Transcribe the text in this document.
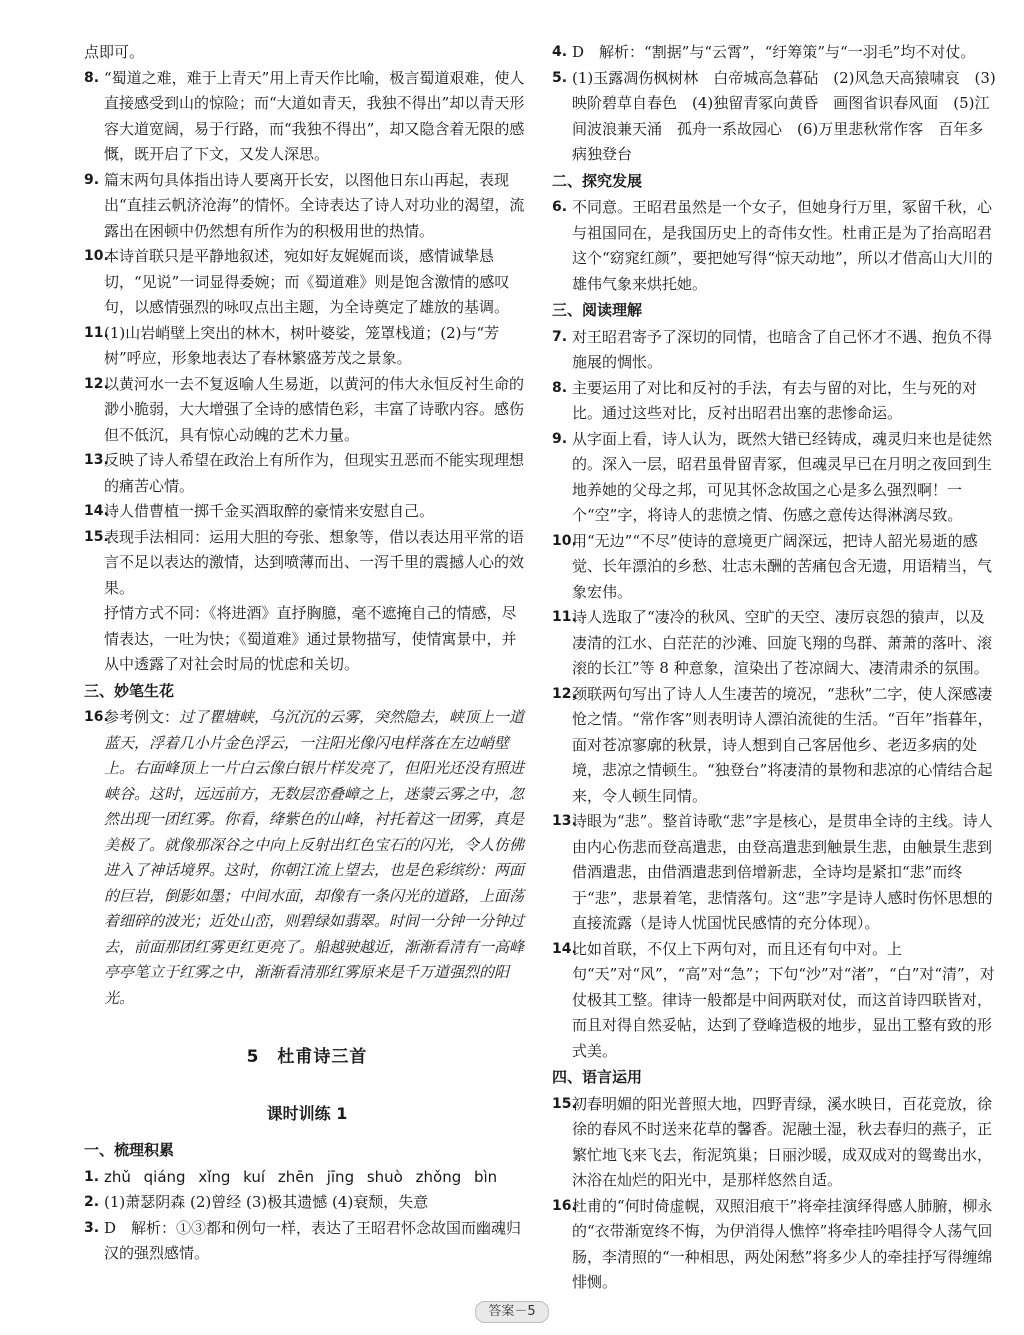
点即可。

8. “蜀道之难，难于上青天”用上青天作比喻，极言蜀道艰难，使人直接感受到山的惊险；而“大道如青天，我独不得出”却以青天形容大道宽阔，易于行路，而“我独不得出”，却又隐含着无限的感慨，既开启了下文，又发人深思。

9. 篇末两句具体指出诗人要离开长安，以图他日东山再起，表现出“直挂云帆济沧海”的情怀。全诗表达了诗人对功业的渴望，流露出在困顿中仍然想有所作为的积极用世的热情。

10.

本诗首联只是平静地叙述，宛如好友娓娓而谈，感情诚挚恳切，“见说”一词显得委婉；而《蜀道难》则是饱含激情的感叹句，以感情强烈的咏叹点出主题，为全诗奠定了雄放的基调。

11.

(1)山岩峭壁上突出的林木，树叶婆娑，笼罩栈道；(2)与“芳树”呼应，形象地表达了春林繁盛芳茂之景象。

12.

以黄河水一去不复返喻人生易逝，以黄河的伟大永恒反衬生命的渺小脆弱，大大增强了全诗的感情色彩，丰富了诗歌内容。感伤但不低沉，具有惊心动魄的艺术力量。

13.

反映了诗人希望在政治上有所作为，但现实丑恶而不能实现理想的痛苦心情。

14.

诗人借曹植一掷千金买酒取醉的豪情来安慰自己。

15.

表现手法相同：运用大胆的夸张、想象等，借以表达用平常的语言不足以表达的激情，达到喷薄而出、一泻千里的震撼人心的效果。

抒情方式不同：《将进酒》直抒胸臆，毫不遮掩自己的情感，尽情表达，一吐为快；《蜀道难》通过景物描写，使情寓景中，并从中透露了对社会时局的忧虑和关切。

三、妙笔生花
16.
参考例文：过了瞿塘峡，乌沉沉的云雾，突然隐去，峡顶上一道蓝天，浮着几小片金色浮云，一注阳光像闪电样落在左边峭壁上。右面峰顶上一片白云像白银片样发亮了，但阳光还没有照进峡谷。这时，远远前方，无数层峦叠嶂之上，迷蒙云雾之中，忽然出现一团红雾。你看，绛紫色的山峰，衬托着这一团雾，真是美极了。就像那深谷之中向上反射出红色宝石的闪光，令人仿佛进入了神话境界。这时，你朝江流上望去，也是色彩缤纷：两面的巨岩，倒影如墨；中间水面，却像有一条闪光的道路，上面荡着细碎的波光；近处山峦，则碧绿如翡翠。时间一分钟一分钟过去，前面那团红雾更红更亮了。船越驶越近，渐渐看清有一高峰亭亭笔立于红雾之中，渐渐看清那红雾原来是千万道强烈的阳光。
5　杜甫诗三首
课时训练 1
一、梳理积累
1. zhǔ qiáng xǐng kuí zhēn jīng shuò zhǒng bìn
2. (1)萧瑟阴森 (2)曾经 (3)极其遗憾 (4)衰颓，失意
3. D　解析：①③都和例句一样，表达了王昭君怀念故国而幽魂归汉的强烈感情。
4. D　解析：“割据”与“云霄”，“纡筹策”与“一羽毛”均不对仗。
5. (1)玉露凋伤枫树林　白帝城高急暮砧　(2)风急天高猿啸哀　(3)映阶碧草自春色　(4)独留青冢向黄昏　画图省识春风面　(5)江间波浪兼天涌　孤舟一系故园心　(6)万里悲秋常作客　百年多病独登台
二、探究发展
6. 不同意。王昭君虽然是一个女子，但她身行万里，冢留千秋，心与祖国同在，是我国历史上的奇伟女性。杜甫正是为了抬高昭君这个“窈窕红颜”，要把她写得“惊天动地”，所以才借高山大川的雄伟气象来烘托她。
三、阅读理解
7. 对王昭君寄予了深切的同情，也暗含了自己怀才不遇、抱负不得施展的惆怅。

8. 主要运用了对比和反衬的手法，有去与留的对比，生与死的对比。通过这些对比，反衬出昭君出塞的悲惨命运。

9. 从字面上看，诗人认为，既然大错已经铸成，魂灵归来也是徒然的。深入一层，昭君虽骨留青冢，但魂灵早已在月明之夜回到生地养她的父母之邦，可见其怀念故国之心是多么强烈啊！一个“空”字，将诗人的悲愤之情、伤感之意传达得淋漓尽致。

10.

用“无边”“不尽”使诗的意境更广阔深远，把诗人韶光易逝的感觉、长年漂泊的乡愁、壮志未酬的苦痛包含无遗，用语精当，气象宏伟。

11.

诗人选取了“凄冷的秋风、空旷的天空、凄厉哀怨的猿声，以及凄清的江水、白茫茫的沙滩、回旋飞翔的鸟群、萧萧的落叶、滚滚的长江”等 8 种意象，渲染出了苍凉阔大、凄清肃杀的氛围。

12.

颈联两句写出了诗人人生凄苦的境况，“悲秋”二字，使人深感凄怆之情。“常作客”则表明诗人漂泊流徙的生活。“百年”指暮年，面对苍凉寥廓的秋景，诗人想到自己客居他乡、老迈多病的处境，悲凉之情顿生。“独登台”将凄清的景物和悲凉的心情结合起来，令人顿生同情。

13.

诗眼为“悲”。整首诗歌“悲”字是核心，是贯串全诗的主线。诗人由内心伤悲而登高遣悲，由登高遣悲到触景生悲，由触景生悲到借酒遣悲，由借酒遣悲到倍增新悲，全诗均是紧扣“悲”而终于“悲”，悲景着笔，悲情落句。这“悲”字是诗人感时伤怀思想的直接流露（是诗人忧国忧民感情的充分体现）。

14.

比如首联，不仅上下两句对，而且还有句中对。上句“天”对“风”，“高”对“急”；下句“沙”对“渚”，“白”对“清”，对仗极其工整。律诗一般都是中间两联对仗，而这首诗四联皆对，而且对得自然妥帖，达到了登峰造极的地步，显出工整有致的形式美。

四、语言运用
15.

初春明媚的阳光普照大地，四野青绿，溪水映日，百花竞放，徐徐的春风不时送来花草的馨香。泥融土湿，秋去春归的燕子，正繁忙地飞来飞去，衔泥筑巢；日丽沙暖，成双成对的鸳鸯出水，沐浴在灿烂的阳光中，是那样悠然自适。

16.

杜甫的“何时倚虚幌，双照泪痕干”将牵挂演绎得感人肺腑，柳永的“衣带渐宽终不悔，为伊消得人憔悴”将牵挂吟唱得令人荡气回肠，李清照的“一种相思，两处闲愁”将多少人的牵挂抒写得缠绵悱恻。

答案－5
